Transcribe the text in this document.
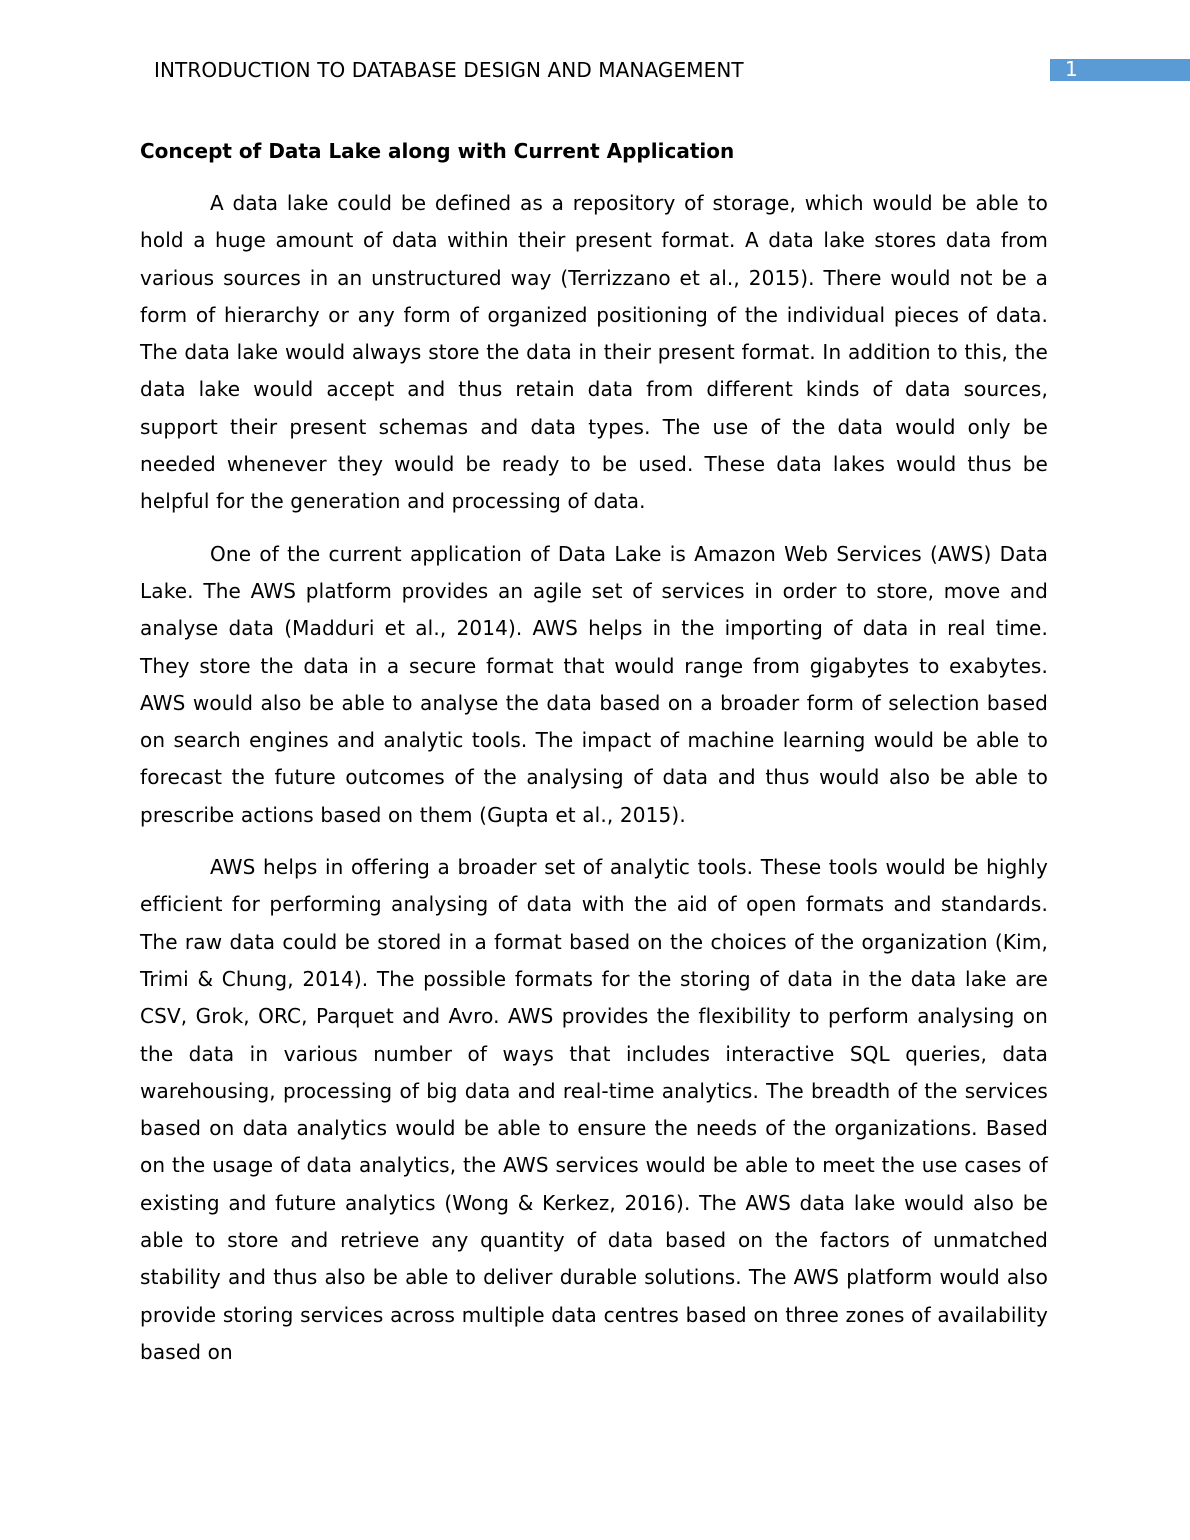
INTRODUCTION TO DATABASE DESIGN AND MANAGEMENT	1
Concept of Data Lake along with Current Application

A data lake could be defined as a repository of storage, which would be able to hold a huge amount of data within their present format. A data lake stores data from various sources in an unstructured way (Terrizzano et al., 2015). There would not be a form of hierarchy or any form of organized positioning of the individual pieces of data. The data lake would always store the data in their present format. In addition to this, the data lake would accept and thus retain data from different kinds of data sources, support their present schemas and data types. The use of the data would only be needed whenever they would be ready to be used. These data lakes would thus be helpful for the generation and processing of data.

One of the current application of Data Lake is Amazon Web Services (AWS) Data Lake. The AWS platform provides an agile set of services in order to store, move and analyse data (Madduri et al., 2014). AWS helps in the importing of data in real time. They store the data in a secure format that would range from gigabytes to exabytes. AWS would also be able to analyse the data based on a broader form of selection based on search engines and analytic tools. The impact of machine learning would be able to forecast the future outcomes of the analysing of data and thus would also be able to prescribe actions based on them (Gupta et al., 2015).

AWS helps in offering a broader set of analytic tools. These tools would be highly efficient for performing analysing of data with the aid of open formats and standards. The raw data could be stored in a format based on the choices of the organization (Kim, Trimi & Chung, 2014). The possible formats for the storing of data in the data lake are CSV, Grok, ORC, Parquet and Avro. AWS provides the flexibility to perform analysing on the data in various number of ways that includes interactive SQL queries, data warehousing, processing of big data and real-time analytics. The breadth of the services based on data analytics would be able to ensure the needs of the organizations. Based on the usage of data analytics, the AWS services would be able to meet the use cases of existing and future analytics (Wong & Kerkez, 2016). The AWS data lake would also be able to store and retrieve any quantity of data based on the factors of unmatched stability and thus also be able to deliver durable solutions. The AWS platform would also provide storing services across multiple data centres based on three zones of availability based on
